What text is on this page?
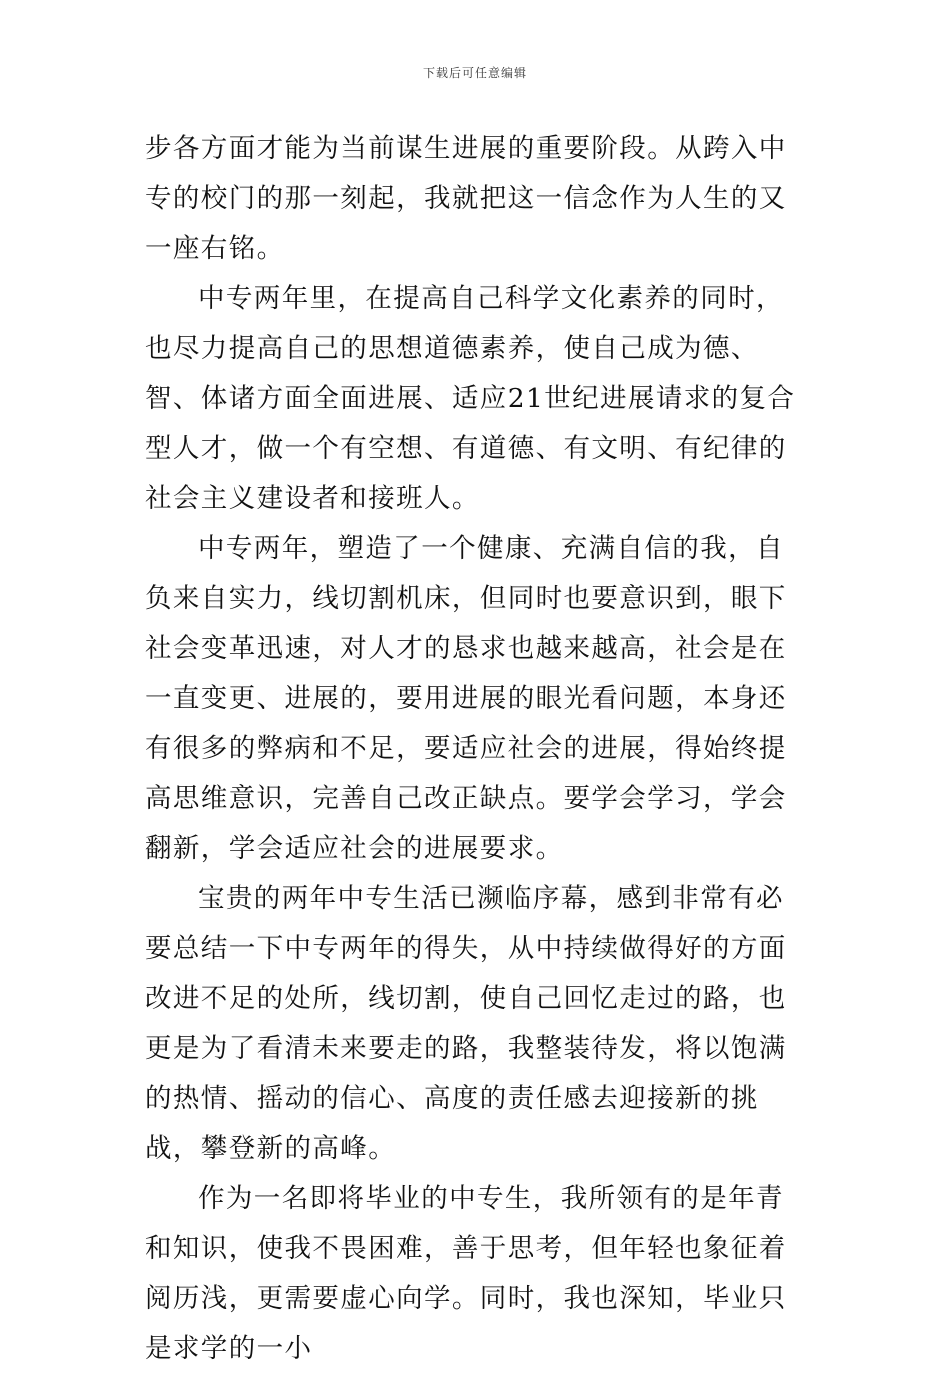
下载后可任意编辑

步各方面才能为当前谋生进展的重要阶段。从跨入中专的校门的那一刻起，我就把这一信念作为人生的又一座右铭。

中专两年里，在提高自己科学文化素养的同时，也尽力提高自己的思想道德素养，使自己成为德、智、体诸方面全面进展、适应21世纪进展请求的复合型人才，做一个有空想、有道德、有文明、有纪律的社会主义建设者和接班人。

中专两年，塑造了一个健康、充满自信的我，自负来自实力，线切割机床，但同时也要意识到，眼下社会变革迅速，对人才的恳求也越来越高，社会是在一直变更、进展的，要用进展的眼光看问题，本身还有很多的弊病和不足，要适应社会的进展，得始终提高思维意识，完善自己改正缺点。要学会学习，学会翻新，学会适应社会的进展要求。

宝贵的两年中专生活已濒临序幕，感到非常有必要总结一下中专两年的得失，从中持续做得好的方面改进不足的处所，线切割，使自己回忆走过的路，也更是为了看清未来要走的路，我整装待发，将以饱满的热情、摇动的信心、高度的责任感去迎接新的挑战，攀登新的高峰。

作为一名即将毕业的中专生，我所领有的是年青和知识，使我不畏困难，善于思考，但年轻也象征着阅历浅，更需要虚心向学。同时，我也深知，毕业只是求学的一小
